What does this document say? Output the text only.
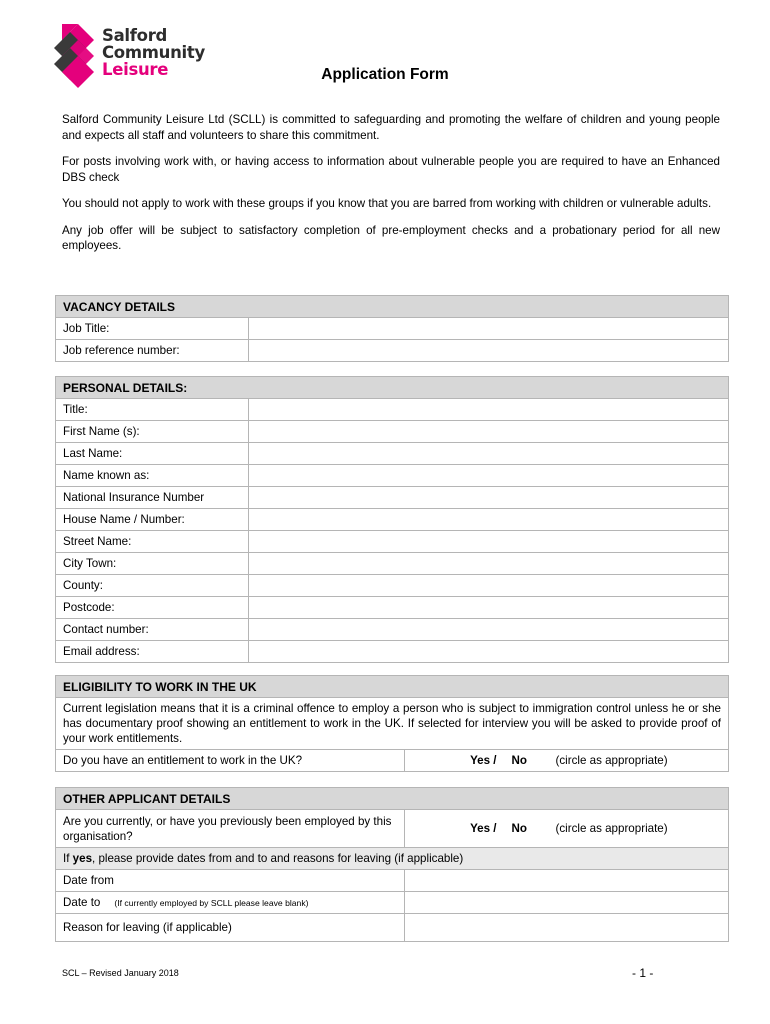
Salford
Community
Leisure	Application Form

Salford Community Leisure Ltd (SCLL) is committed to safeguarding and promoting the welfare of children and young people and expects all staff and volunteers to share this commitment.

For posts involving work with, or having access to information about vulnerable people you are required to have an Enhanced DBS check

You should not apply to work with these groups if you know that you are barred from working with children or vulnerable adults.

Any job offer will be subject to satisfactory completion of pre-employment checks and a probationary period for all new employees.

VACANCY DETAILS	
Job Title:	
Job reference number:	
PERSONAL DETAILS:	
Title:	
First Name (s):	
Last Name:	
Name known as:	
National Insurance Number	
House Name / Number:	
Street Name:	
City Town:	
County:	
Postcode:	
Contact number:	
Email address:	
ELIGIBILITY TO WORK IN THE UK
Current legislation means that it is a criminal offence to employ a person who is subject to immigration control unless he or she has documentary proof showing an entitlement to work in the UK. If selected for interview you will be asked to provide proof of your work entitlements.
Do you have an entitlement to work in the UK?	Yes /	No	(circle as appropriate)
OTHER APPLICANT DETAILS			
Are you currently, or have you previously been employed by this organisation?	Yes /	No	(circle as appropriate)
If yes, please provide dates from and to and reasons for leaving (if applicable)			
Date from			
Date to (If currently employed by SCLL please leave blank)			
Reason for leaving (if applicable)			
SCL – Revised January 2018	- 1 -
